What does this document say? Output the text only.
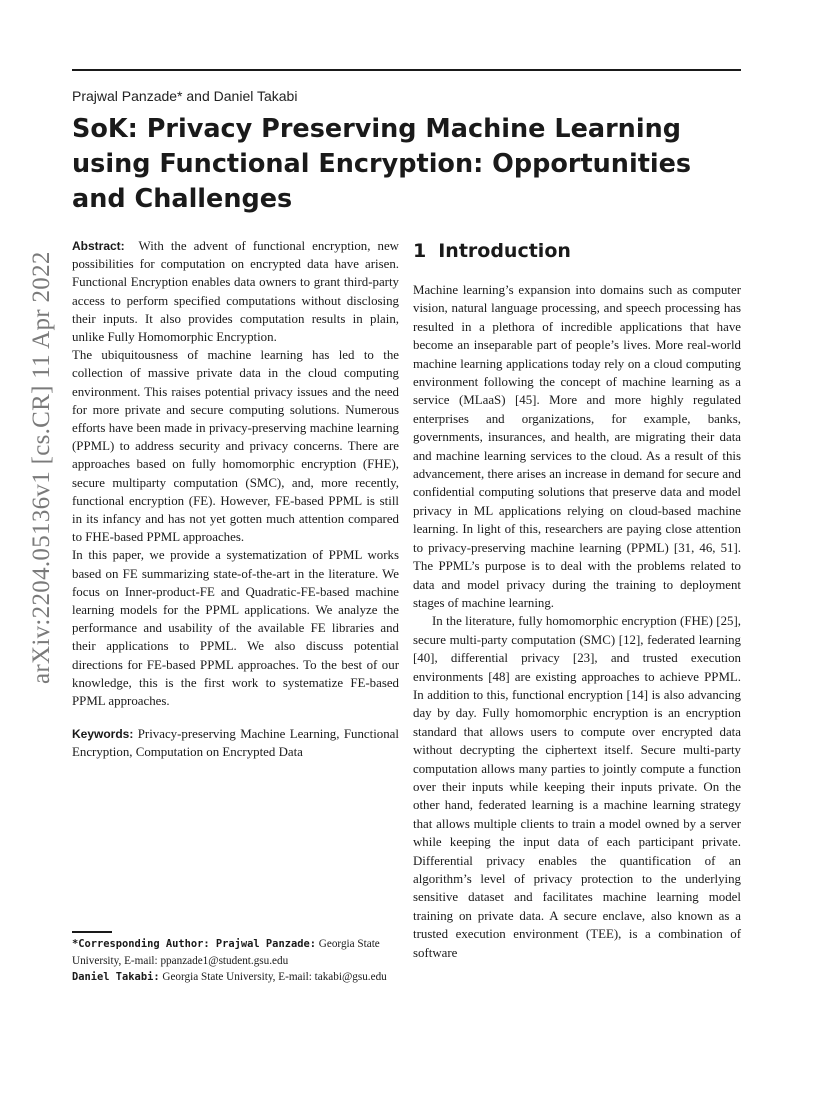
Prajwal Panzade* and Daniel Takabi
SoK: Privacy Preserving Machine Learning using Functional Encryption: Opportunities and Challenges
arXiv:2204.05136v1 [cs.CR] 11 Apr 2022

Abstract: With the advent of functional encryption, new possibilities for computation on encrypted data have arisen. Functional Encryption enables data owners to grant third-party access to perform specified computations without disclosing their inputs. It also provides computation results in plain, unlike Fully Homomorphic Encryption.

The ubiquitousness of machine learning has led to the collection of massive private data in the cloud computing environment. This raises potential privacy issues and the need for more private and secure computing solutions. Numerous efforts have been made in privacy-preserving machine learning (PPML) to address security and privacy concerns. There are approaches based on fully homomorphic encryption (FHE), secure multiparty computation (SMC), and, more recently, functional encryption (FE). However, FE-based PPML is still in its infancy and has not yet gotten much attention compared to FHE-based PPML approaches.

In this paper, we provide a systematization of PPML works based on FE summarizing state-of-the-art in the literature. We focus on Inner-product-FE and Quadratic-FE-based machine learning models for the PPML applications. We analyze the performance and usability of the available FE libraries and their applications to PPML. We also discuss potential directions for FE-based PPML approaches. To the best of our knowledge, this is the first work to systematize FE-based PPML approaches.

Keywords: Privacy-preserving Machine Learning, Functional Encryption, Computation on Encrypted Data

*Corresponding Author: Prajwal Panzade: Georgia State University, E-mail: ppanzade1@student.gsu.edu

Daniel Takabi: Georgia State University, E-mail: takabi@gsu.edu

1 Introduction

Machine learning’s expansion into domains such as computer vision, natural language processing, and speech processing has resulted in a plethora of incredible applications that have become an inseparable part of people’s lives. More real-world machine learning applications today rely on a cloud computing environment following the concept of machine learning as a service (MLaaS) [45]. More and more highly regulated enterprises and organizations, for example, banks, governments, insurances, and health, are migrating their data and machine learning services to the cloud. As a result of this advancement, there arises an increase in demand for secure and confidential computing solutions that preserve data and model privacy in ML applications relying on cloud-based machine learning. In light of this, researchers are paying close attention to privacy-preserving machine learning (PPML) [31, 46, 51]. The PPML’s purpose is to deal with the problems related to data and model privacy during the training to deployment stages of machine learning.

In the literature, fully homomorphic encryption (FHE) [25], secure multi-party computation (SMC) [12], federated learning [40], differential privacy [23], and trusted execution environments [48] are existing approaches to achieve PPML. In addition to this, functional encryption [14] is also advancing day by day. Fully homomorphic encryption is an encryption standard that allows users to compute over encrypted data without decrypting the ciphertext itself. Secure multi-party computation allows many parties to jointly compute a function over their inputs while keeping their inputs private. On the other hand, federated learning is a machine learning strategy that allows multiple clients to train a model owned by a server while keeping the input data of each participant private. Differential privacy enables the quantification of an algorithm’s level of privacy protection to the underlying sensitive dataset and facilitates machine learning model training on private data. A secure enclave, also known as a trusted execution environment (TEE), is a combination of software
